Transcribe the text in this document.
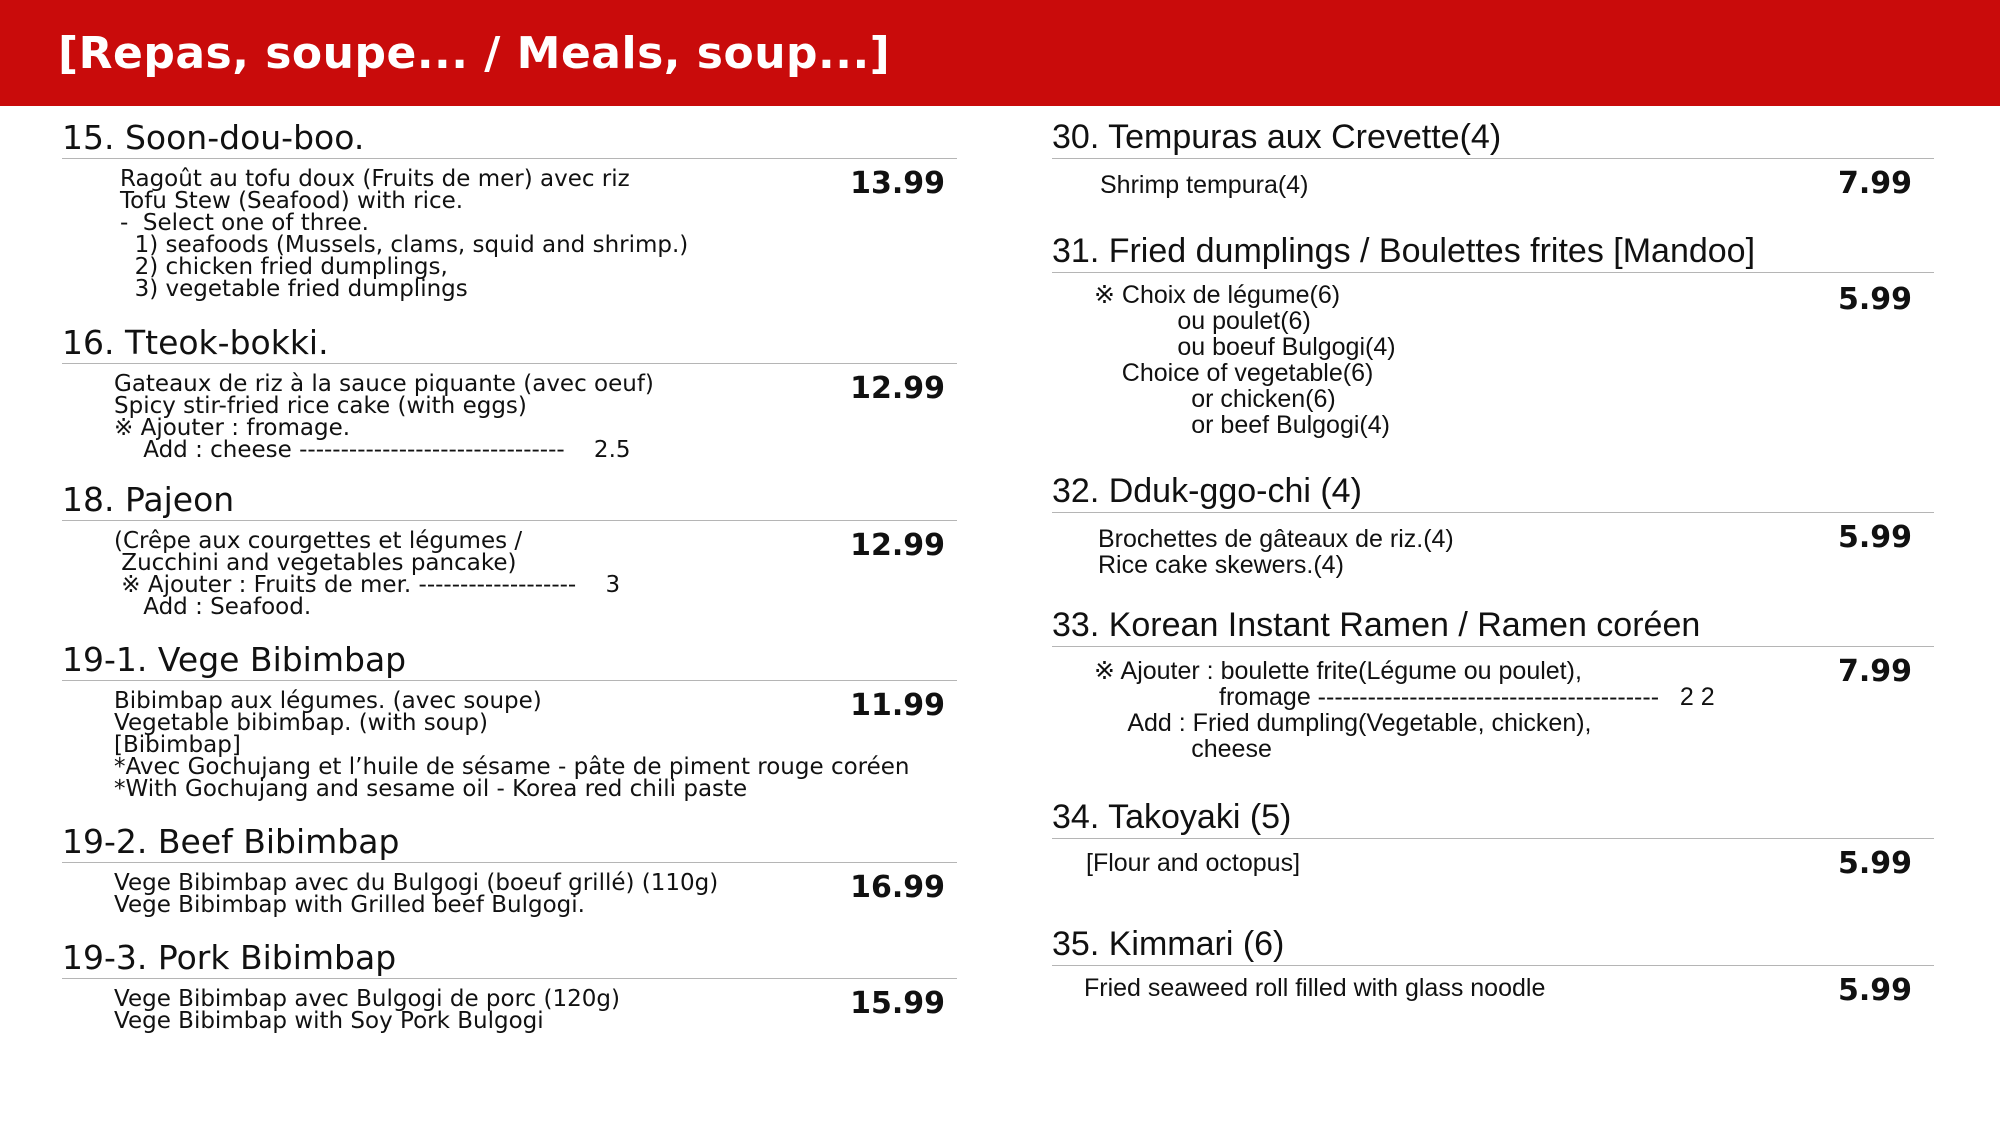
[Repas, soupe... / Meals, soup...]
15. Soon-dou-boo.
Ragoût au tofu doux (Fruits de mer) avec riz
Tofu Stew (Seafood) with rice.
-  Select one of three.
1) seafoods (Mussels, clams, squid and shrimp.)
2) chicken fried dumplings,
3) vegetable fried dumplings
13.99
16. Tteok-bokki.
Gateaux de riz à la sauce piquante (avec oeuf)
Spicy stir-fried rice cake (with eggs)
※ Ajouter : fromage.
Add : cheese --------------------------------    2.5
12.99
18. Pajeon
(Crêpe aux courgettes et légumes /
Zucchini and vegetables pancake)
※ Ajouter : Fruits de mer. -------------------    3
Add : Seafood.
12.99
19-1. Vege Bibimbap
Bibimbap aux légumes. (avec soupe)
Vegetable bibimbap. (with soup)
[Bibimbap]
*Avec Gochujang et l’huile de sésame - pâte de piment rouge coréen
*With Gochujang and sesame oil - Korea red chili paste
11.99
19-2. Beef Bibimbap
Vege Bibimbap avec du Bulgogi (boeuf grillé) (110g)
Vege Bibimbap with Grilled beef Bulgogi.	16.99
19-3. Pork Bibimbap
Vege Bibimbap avec Bulgogi de porc (120g)
Vege Bibimbap with Soy Pork Bulgogi	15.99
30. Tempuras aux Crevette(4)
Shrimp tempura(4)	7.99
31. Fried dumplings / Boulettes frites [Mandoo]
※ Choix de légume(6)
ou poulet(6)
ou boeuf Bulgogi(4)
Choice of vegetable(6)
or chicken(6)
or beef Bulgogi(4)
5.99
32. Dduk-ggo-chi (4)
Brochettes de gâteaux de riz.(4)
Rice cake skewers.(4)
5.99
33. Korean Instant Ramen / Ramen coréen
※ Ajouter : boulette frite(Légume ou poulet),
fromage -----------------------------------------   2 2
Add : Fried dumpling(Vegetable, chicken),
cheese
7.99
34. Takoyaki (5)
[Flour and octopus]	5.99
35. Kimmari (6)
Fried seaweed roll filled with glass noodle	5.99
